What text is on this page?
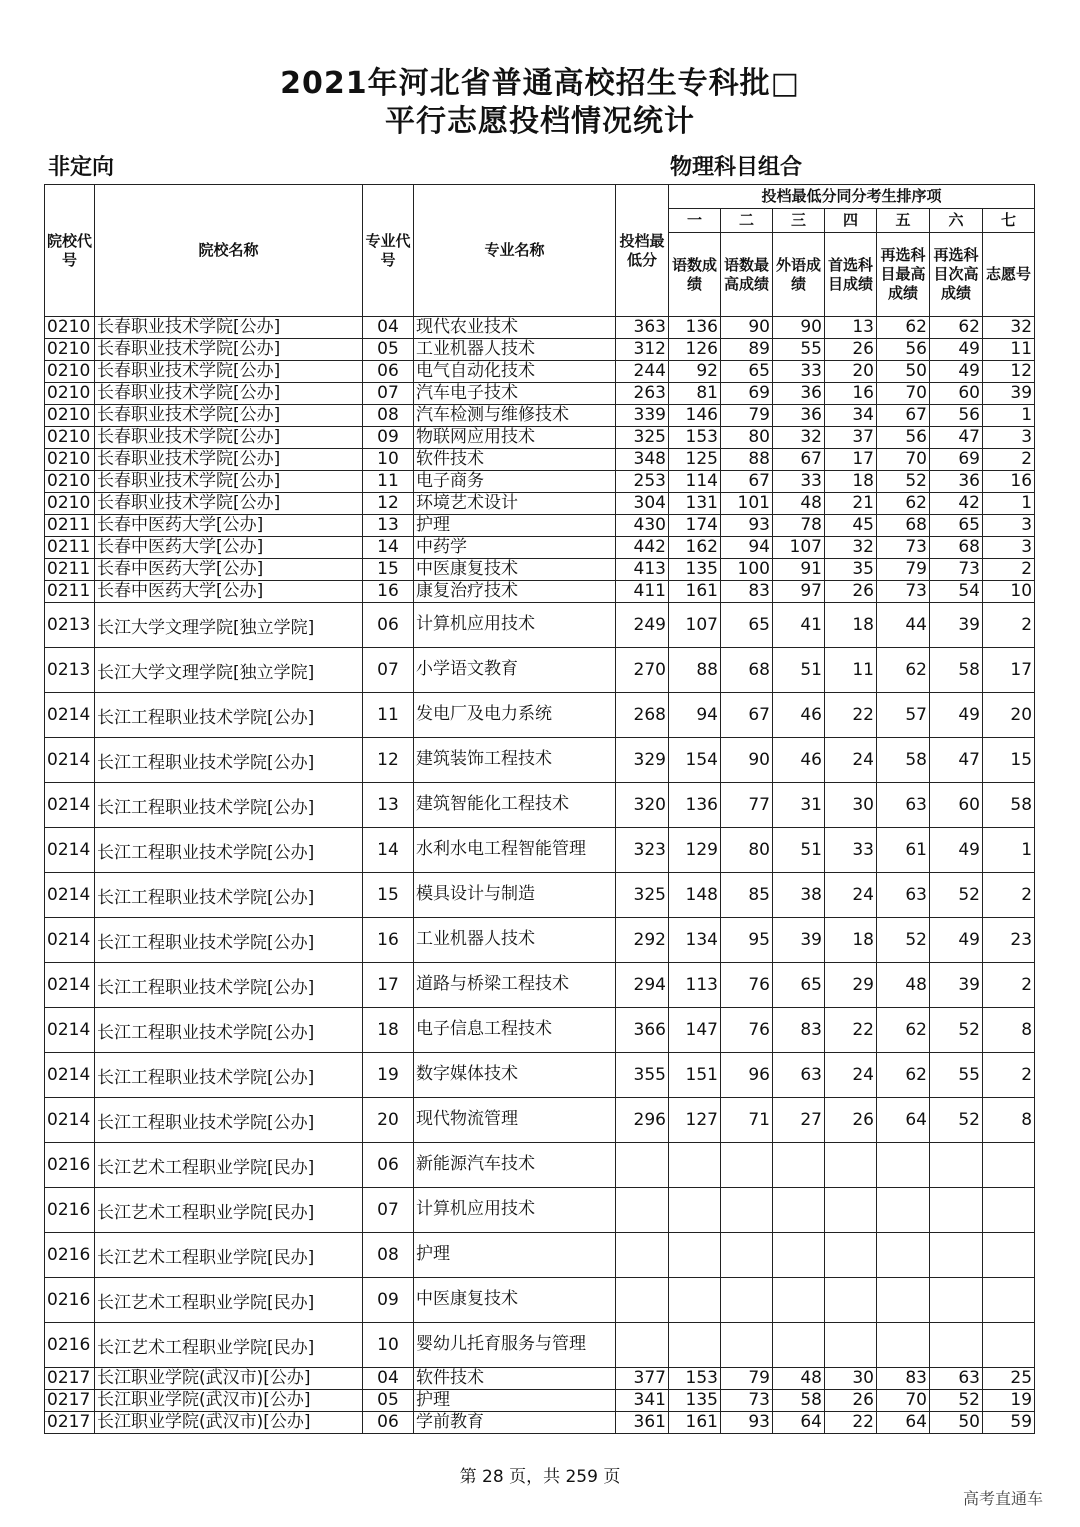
2021年河北省普通高校招生专科批□
平行志愿投档情况统计
非定向	物理科目组合
院校代号	院校名称	专业代号	专业名称	投档最低分	投档最低分同分考生排序项						
					一	二	三	四	五	六	七
					语数成绩	语数最高成绩	外语成绩	首选科目成绩	再选科目最高成绩	再选科目次高成绩	志愿号
0210	长春职业技术学院[公办]	04	现代农业技术	363	136	90	90	13	62	62	32
0210	长春职业技术学院[公办]	05	工业机器人技术	312	126	89	55	26	56	49	11
0210	长春职业技术学院[公办]	06	电气自动化技术	244	92	65	33	20	50	49	12
0210	长春职业技术学院[公办]	07	汽车电子技术	263	81	69	36	16	70	60	39
0210	长春职业技术学院[公办]	08	汽车检测与维修技术	339	146	79	36	34	67	56	1
0210	长春职业技术学院[公办]	09	物联网应用技术	325	153	80	32	37	56	47	3
0210	长春职业技术学院[公办]	10	软件技术	348	125	88	67	17	70	69	2
0210	长春职业技术学院[公办]	11	电子商务	253	114	67	33	18	52	36	16
0210	长春职业技术学院[公办]	12	环境艺术设计	304	131	101	48	21	62	42	1
0211	长春中医药大学[公办]	13	护理	430	174	93	78	45	68	65	3
0211	长春中医药大学[公办]	14	中药学	442	162	94	107	32	73	68	3
0211	长春中医药大学[公办]	15	中医康复技术	413	135	100	91	35	79	73	2
0211	长春中医药大学[公办]	16	康复治疗技术	411	161	83	97	26	73	54	10
0213	长江大学文理学院[独立学院]	06	计算机应用技术	249	107	65	41	18	44	39	2
0213	长江大学文理学院[独立学院]	07	小学语文教育	270	88	68	51	11	62	58	17
0214	长江工程职业技术学院[公办]	11	发电厂及电力系统	268	94	67	46	22	57	49	20
0214	长江工程职业技术学院[公办]	12	建筑装饰工程技术	329	154	90	46	24	58	47	15
0214	长江工程职业技术学院[公办]	13	建筑智能化工程技术	320	136	77	31	30	63	60	58
0214	长江工程职业技术学院[公办]	14	水利水电工程智能管理	323	129	80	51	33	61	49	1
0214	长江工程职业技术学院[公办]	15	模具设计与制造	325	148	85	38	24	63	52	2
0214	长江工程职业技术学院[公办]	16	工业机器人技术	292	134	95	39	18	52	49	23
0214	长江工程职业技术学院[公办]	17	道路与桥梁工程技术	294	113	76	65	29	48	39	2
0214	长江工程职业技术学院[公办]	18	电子信息工程技术	366	147	76	83	22	62	52	8
0214	长江工程职业技术学院[公办]	19	数字媒体技术	355	151	96	63	24	62	55	2
0214	长江工程职业技术学院[公办]	20	现代物流管理	296	127	71	27	26	64	52	8
0216	长江艺术工程职业学院[民办]	06	新能源汽车技术								
0216	长江艺术工程职业学院[民办]	07	计算机应用技术								
0216	长江艺术工程职业学院[民办]	08	护理								
0216	长江艺术工程职业学院[民办]	09	中医康复技术								
0216	长江艺术工程职业学院[民办]	10	婴幼儿托育服务与管理								
0217	长江职业学院(武汉市)[公办]	04	软件技术	377	153	79	48	30	83	63	25
0217	长江职业学院(武汉市)[公办]	05	护理	341	135	73	58	26	70	52	19
0217	长江职业学院(武汉市)[公办]	06	学前教育	361	161	93	64	22	64	50	59
第 28 页，共 259 页
高考直通车
